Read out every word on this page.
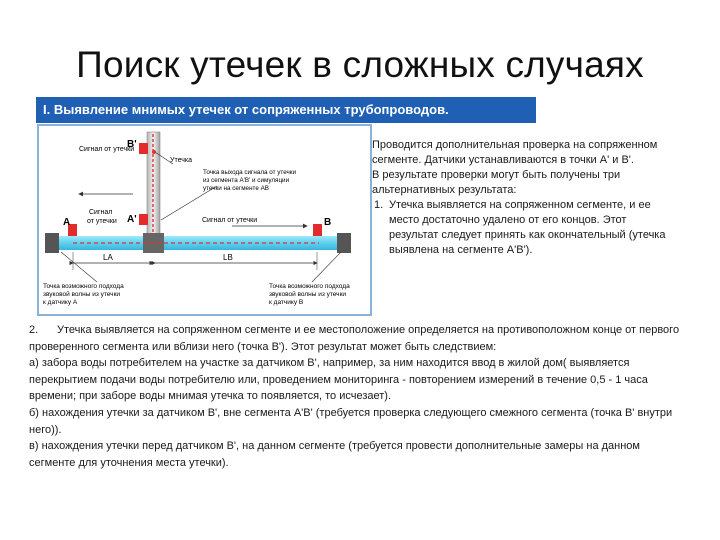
Поиск утечек в сложных случаях
I. Выявление мнимых утечек от сопряженных трубопроводов.
B'
A'
A	B
Утечка
Сигнал от утечки
Точка выхода сигнала от утечки
из сегмента A'B' и симуляции
утечки на сегменте AB
Сигнал
от утечки	Сигнал от утечки
LA	LB
Точка возможного подхода
звуковой волны из утечки
к датчику A
Точка возможного подхода
звуковой волны из утечки
к датчику B

Проводится дополнительная проверка на сопряженном сегменте. Датчики устанавливаются в точки A' и B'.

В результате проверки могут быть получены три альтернативных результата:

1. Утечка выявляется на сопряженном сегменте, и ее место достаточно удалено от его концов. Этот результат следует принять как окончательный (утечка выявлена на сегменте A'B').

2. Утечка выявляется на сопряженном сегменте и ее местоположение определяется на противоположном конце от первого проверенного сегмента или вблизи него (точка B'). Этот результат может быть следствием:

а) забора воды потребителем на участке за датчиком B', например, за ним находится ввод в жилой дом( выявляется перекрытием подачи воды потребителю или, проведением мониторинга - повторением измерений в течение 0,5 - 1 часа времени; при заборе воды мнимая утечка то появляется, то исчезает).

б) нахождения утечки за датчиком B', вне сегмента A'B' (требуется проверка следующего смежного сегмента (точка B' внутри него)).

в) нахождения утечки перед датчиком B', на данном сегменте (требуется провести дополнительные замеры на данном сегменте для уточнения места утечки).
